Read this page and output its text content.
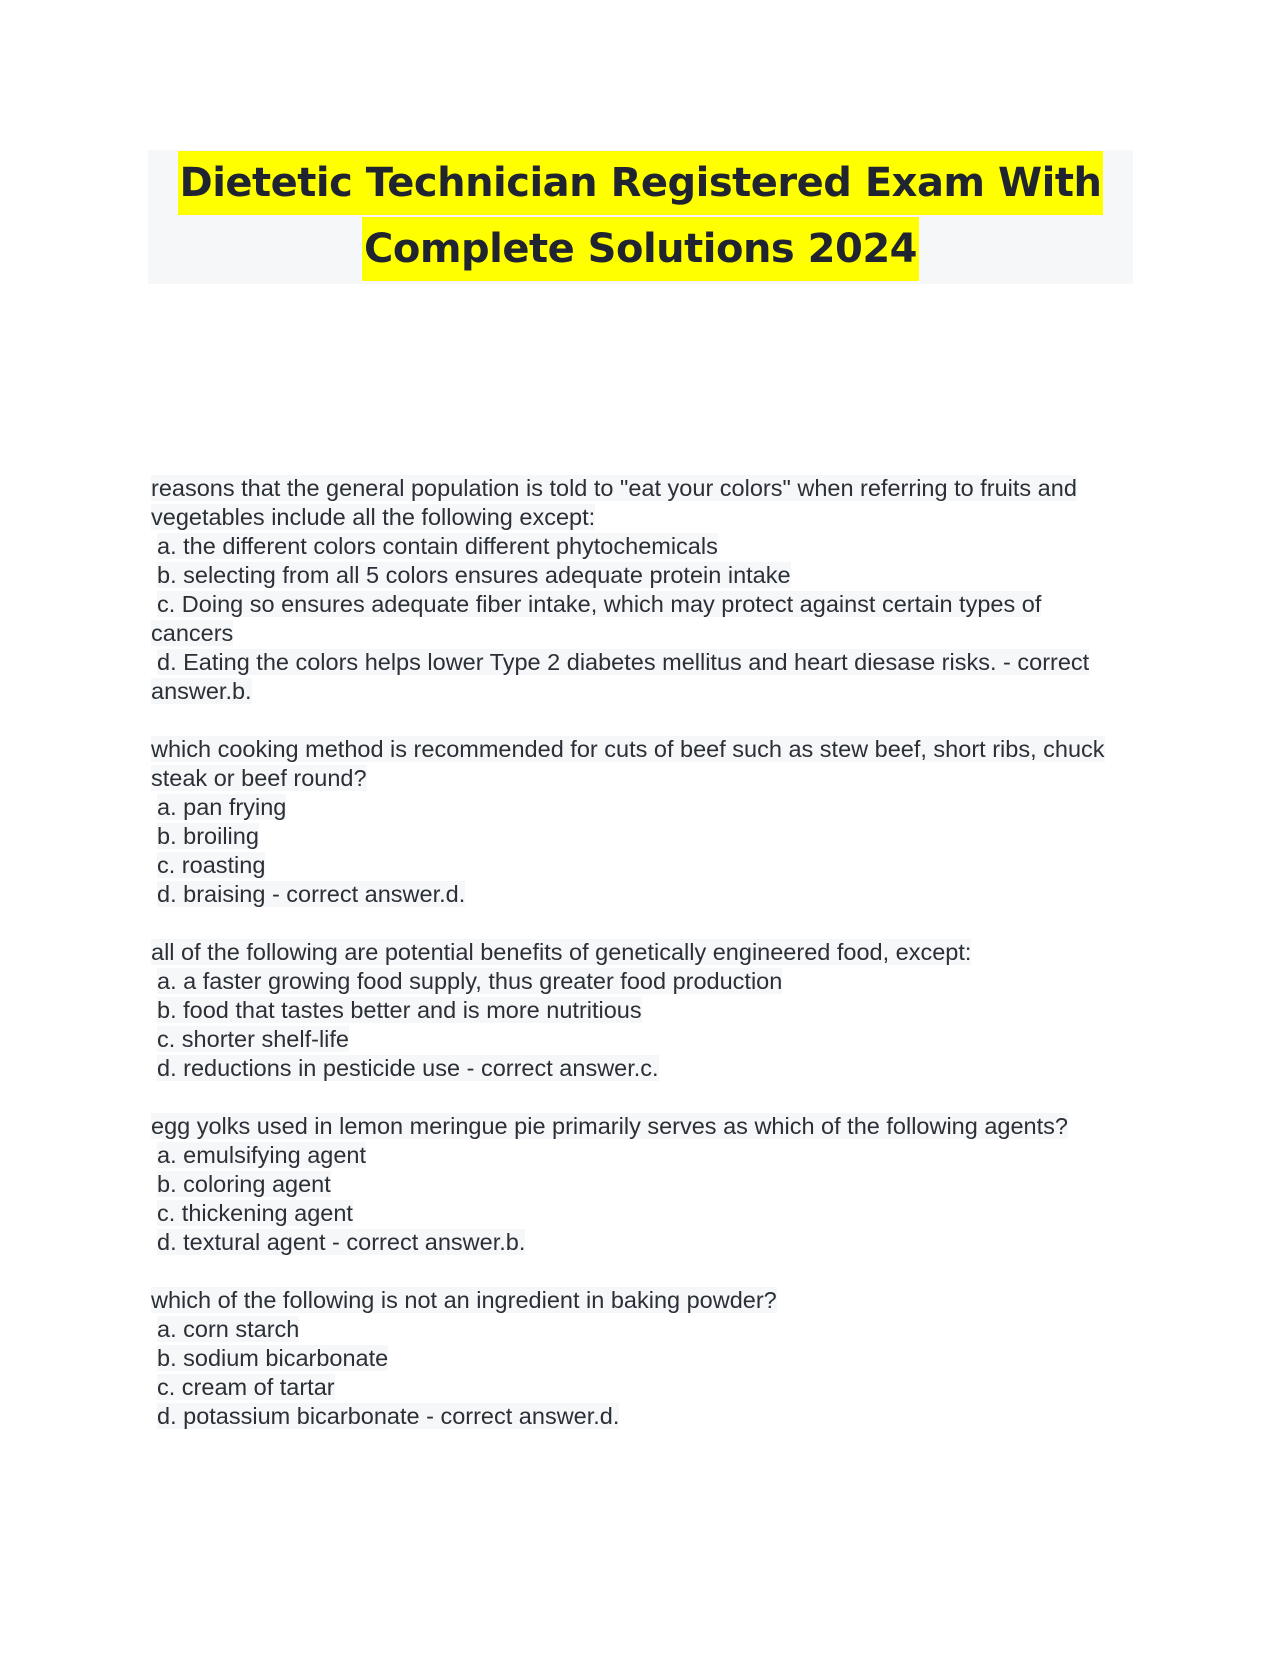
Dietetic Technician Registered Exam With
Complete Solutions 2024
reasons that the general population is told to "eat your colors" when referring to fruits and vegetables include all the following except:
a. the different colors contain different phytochemicals
b. selecting from all 5 colors ensures adequate protein intake
c. Doing so ensures adequate fiber intake, which may protect against certain types of cancers
d. Eating the colors helps lower Type 2 diabetes mellitus and heart diesase risks. - correct answer.b.
which cooking method is recommended for cuts of beef such as stew beef, short ribs, chuck steak or beef round?
a. pan frying
b. broiling
c. roasting
d. braising - correct answer.d.
all of the following are potential benefits of genetically engineered food, except:
a. a faster growing food supply, thus greater food production
b. food that tastes better and is more nutritious
c. shorter shelf-life
d. reductions in pesticide use - correct answer.c.
egg yolks used in lemon meringue pie primarily serves as which of the following agents?
a. emulsifying agent
b. coloring agent
c. thickening agent
d. textural agent - correct answer.b.
which of the following is not an ingredient in baking powder?
a. corn starch
b. sodium bicarbonate
c. cream of tartar
d. potassium bicarbonate - correct answer.d.
